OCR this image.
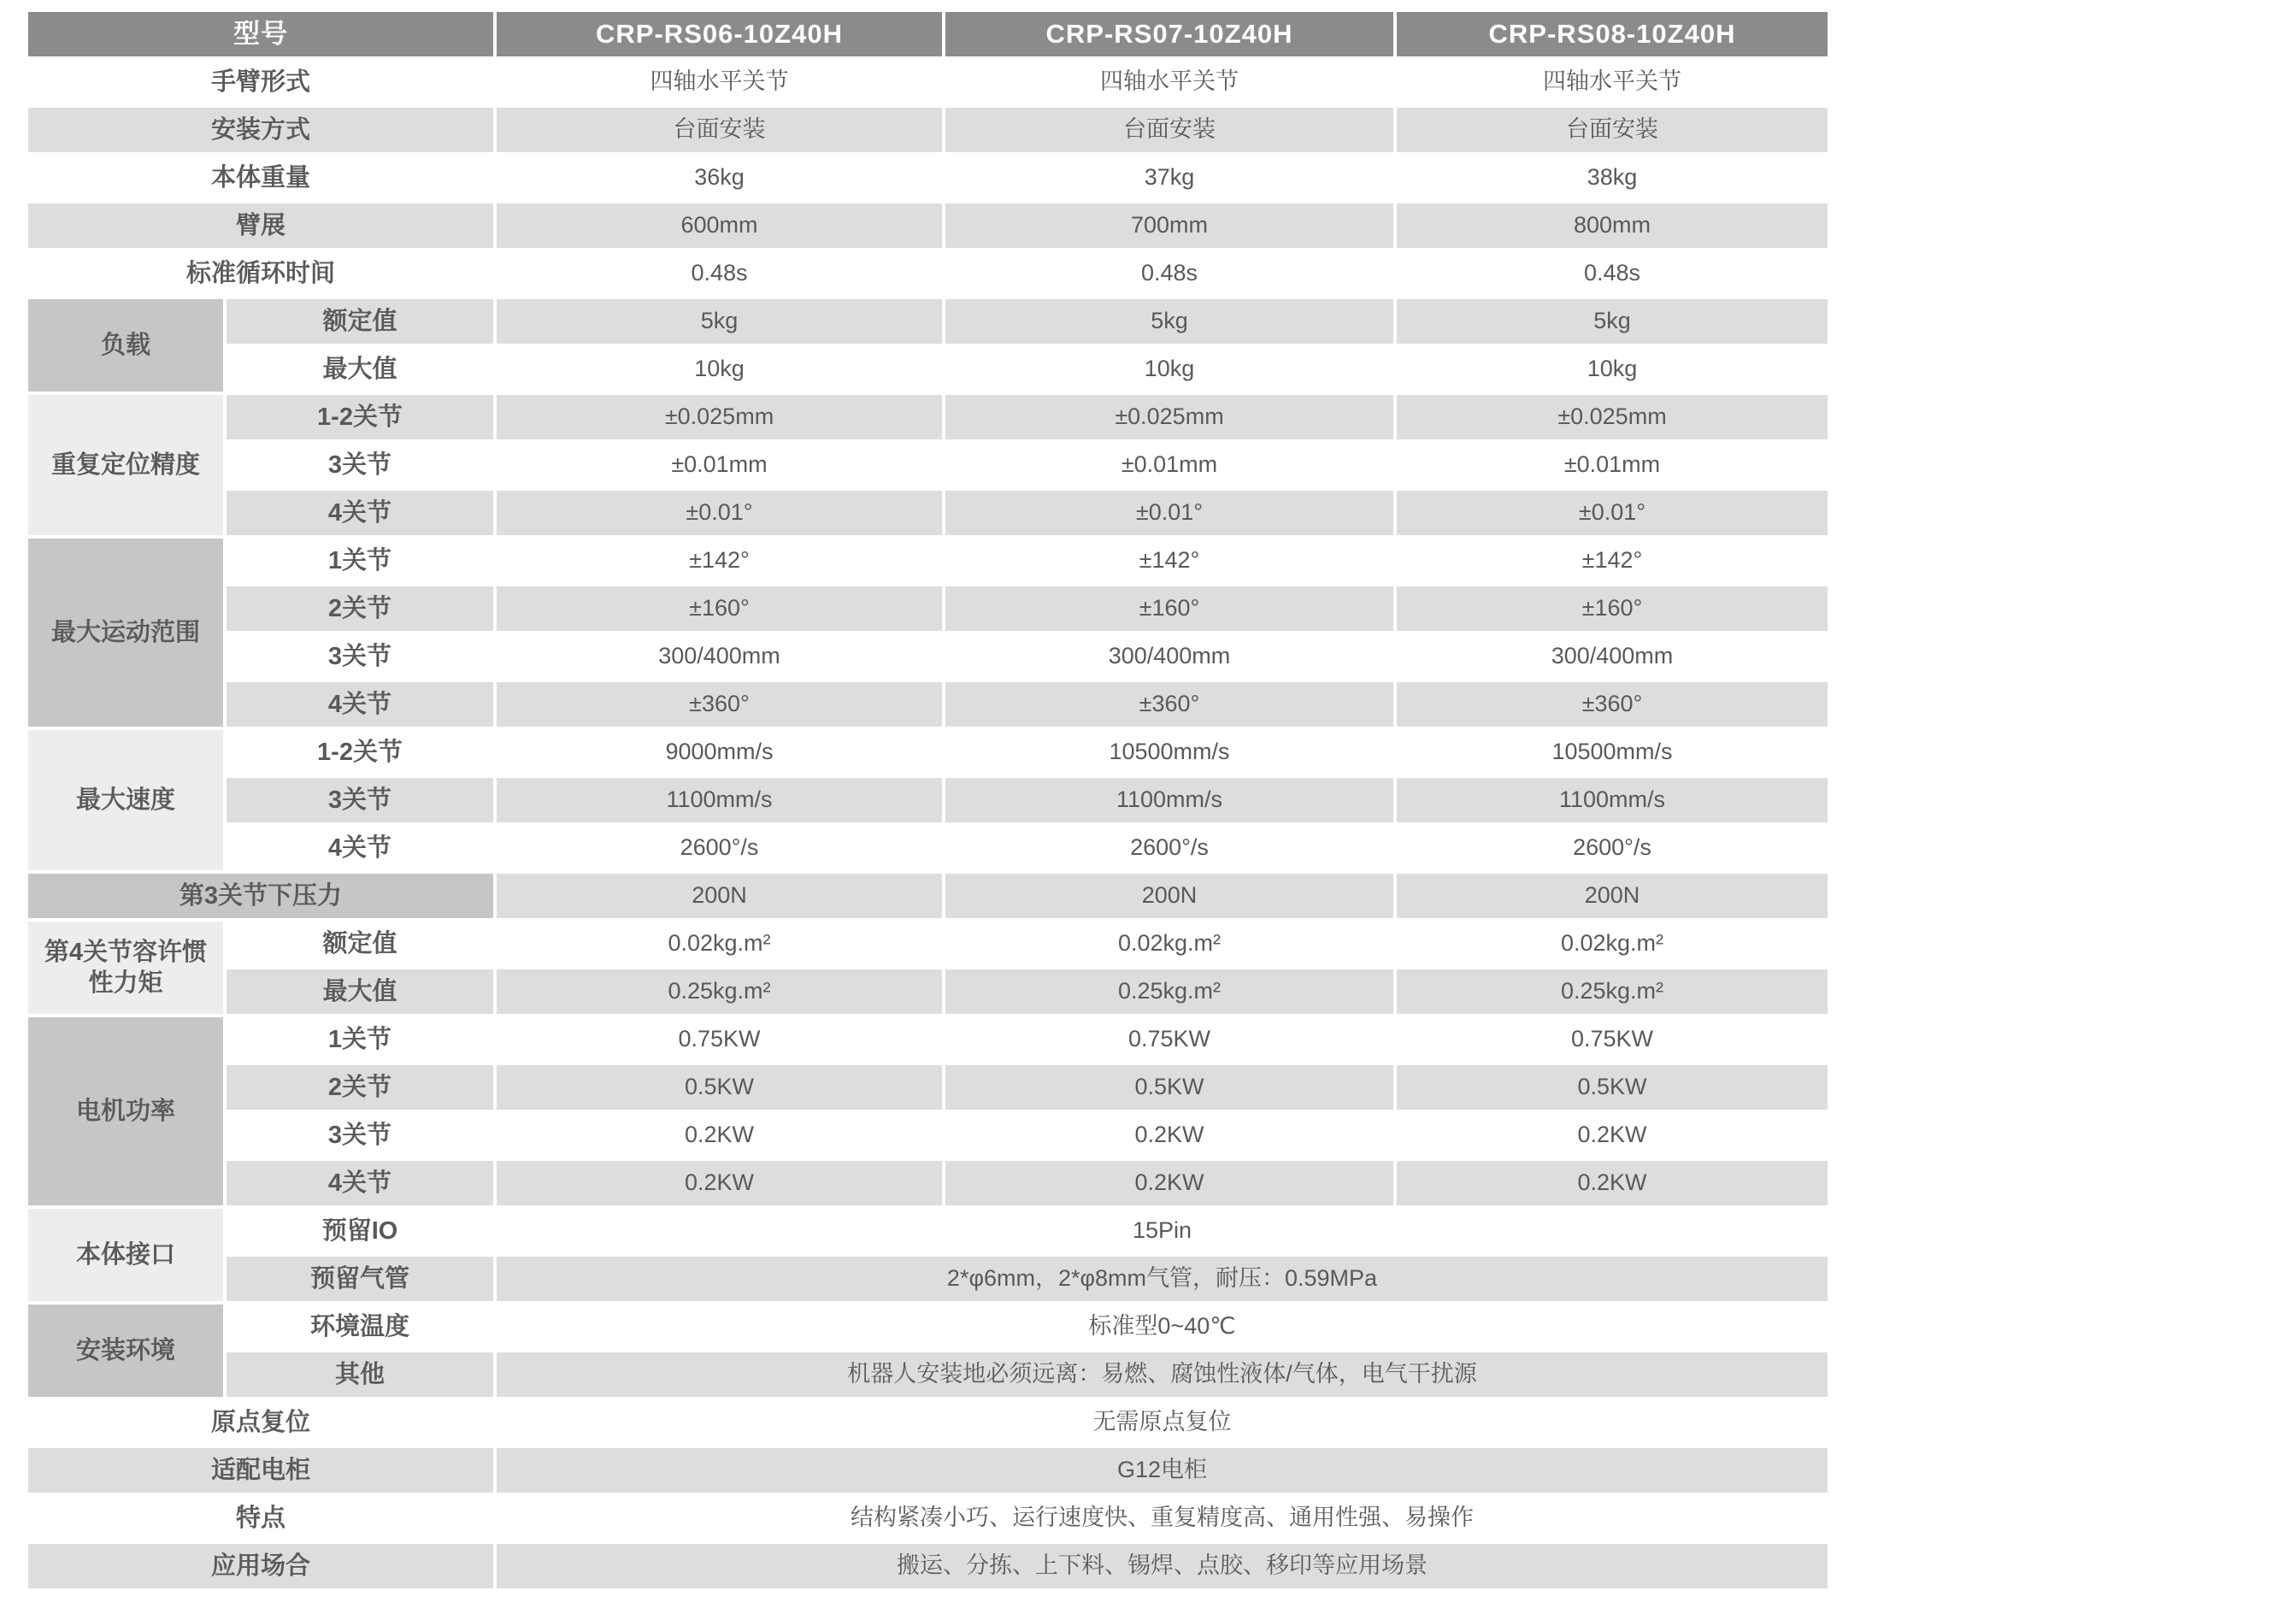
型号		CRP-RS06-10Z40H	CRP-RS07-10Z40H	CRP-RS08-10Z40H
手臂形式		四轴水平关节	四轴水平关节	四轴水平关节
安装方式		台面安装	台面安装	台面安装
本体重量		36kg	37kg	38kg
臂展		600mm	700mm	800mm
标准循环时间		0.48s	0.48s	0.48s
负载	额定值	5kg	5kg	5kg
	最大值	10kg	10kg	10kg
重复定位精度	1-2关节	±0.025mm	±0.025mm	±0.025mm
	3关节	±0.01mm	±0.01mm	±0.01mm
	4关节	±0.01°	±0.01°	±0.01°
最大运动范围	1关节	±142°	±142°	±142°
	2关节	±160°	±160°	±160°
	3关节	300/400mm	300/400mm	300/400mm
	4关节	±360°	±360°	±360°
最大速度	1-2关节	9000mm/s	10500mm/s	10500mm/s
	3关节	1100mm/s	1100mm/s	1100mm/s
	4关节	2600°/s	2600°/s	2600°/s
第3关节下压力		200N	200N	200N
第4关节容许惯性力矩	额定值	0.02kg.m²	0.02kg.m²	0.02kg.m²
	最大值	0.25kg.m²	0.25kg.m²	0.25kg.m²
电机功率	1关节	0.75KW	0.75KW	0.75KW
	2关节	0.5KW	0.5KW	0.5KW
	3关节	0.2KW	0.2KW	0.2KW
	4关节	0.2KW	0.2KW	0.2KW
本体接口	预留IO	15Pin		
	预留气管	2*φ6mm，2*φ8mm气管，耐压：0.59MPa		
安装环境	环境温度	标准型0~40℃		
	其他	机器人安装地必须远离：易燃、腐蚀性液体/气体，电气干扰源		
原点复位		无需原点复位		
适配电柜		G12电柜		
特点		结构紧凑小巧、运行速度快、重复精度高、通用性强、易操作		
应用场合		搬运、分拣、上下料、锡焊、点胶、移印等应用场景		
